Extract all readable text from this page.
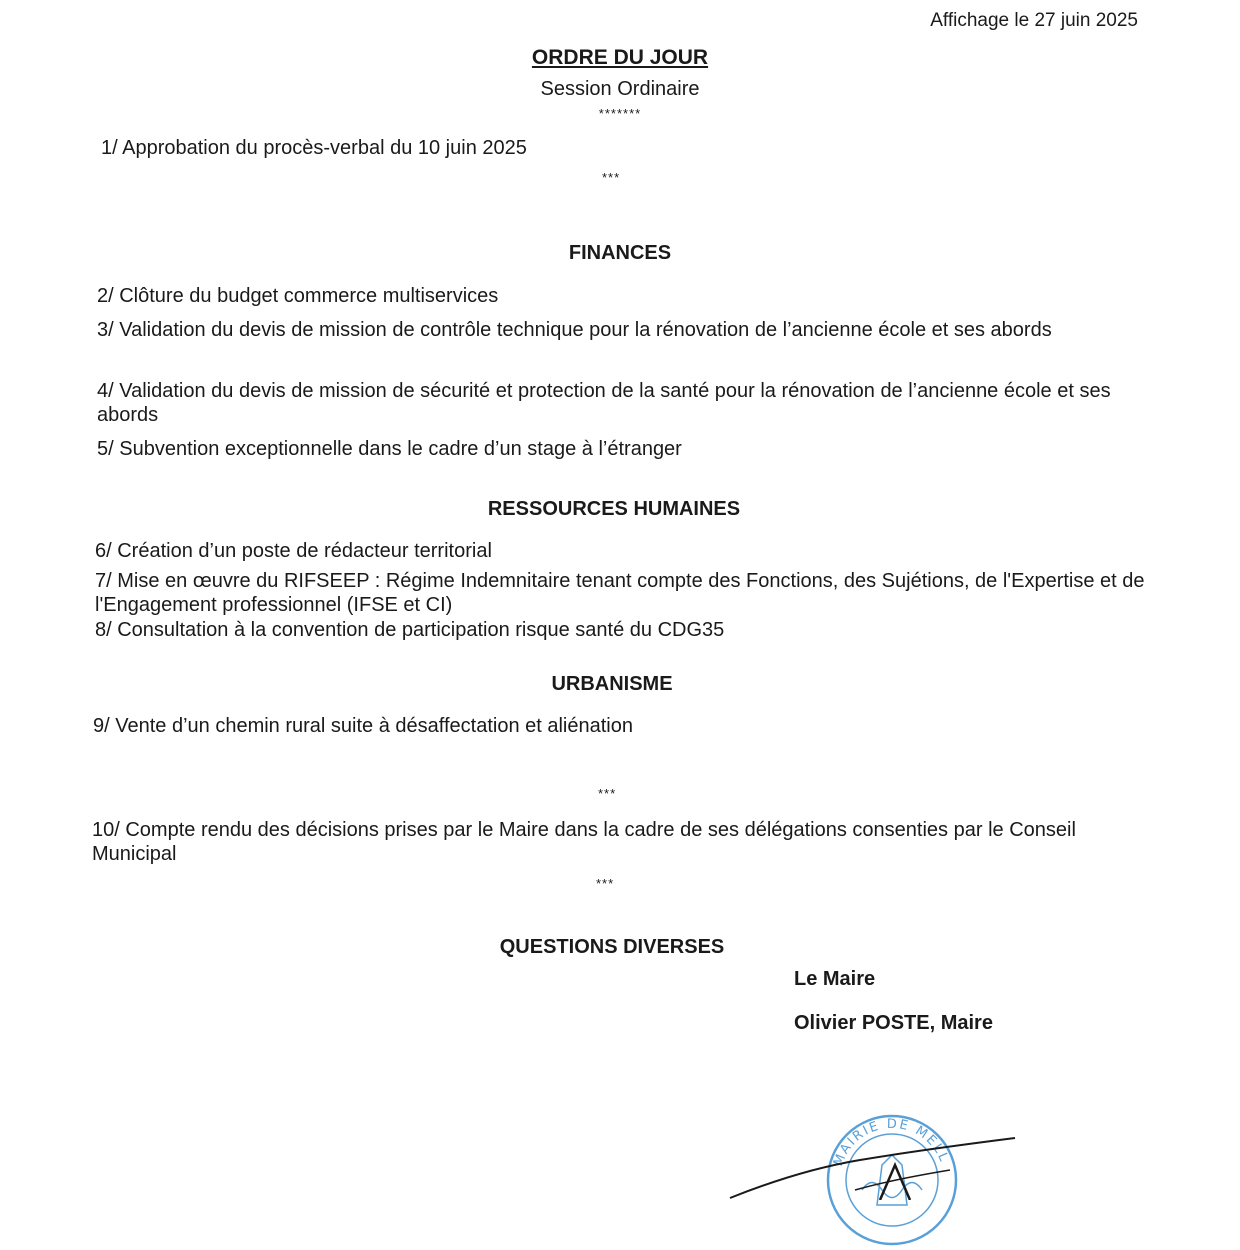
Affichage le 27 juin 2025
ORDRE DU JOUR
Session Ordinaire
*******
1/ Approbation du procès-verbal du 10 juin 2025
***
FINANCES
2/ Clôture du budget commerce multiservices
3/ Validation du devis de mission de contrôle technique pour la rénovation de l’ancienne école et ses abords
4/ Validation du devis de mission de sécurité et protection de la santé pour la rénovation de l’ancienne école et ses abords
5/ Subvention exceptionnelle dans le cadre d’un stage à l’étranger
RESSOURCES HUMAINES
6/ Création d’un poste de rédacteur territorial
7/ Mise en œuvre du RIFSEEP : Régime Indemnitaire tenant compte des Fonctions, des Sujétions, de l'Expertise et de l'Engagement professionnel (IFSE et CI)
8/ Consultation à la convention de participation risque santé du CDG35
URBANISME
9/ Vente d’un chemin rural suite à désaffectation et aliénation
***
10/ Compte rendu des décisions prises par le Maire dans la cadre de ses délégations consenties par le Conseil Municipal
***
QUESTIONS DIVERSES
Le Maire
Olivier POSTE, Maire
MAIRIE DE MELL
